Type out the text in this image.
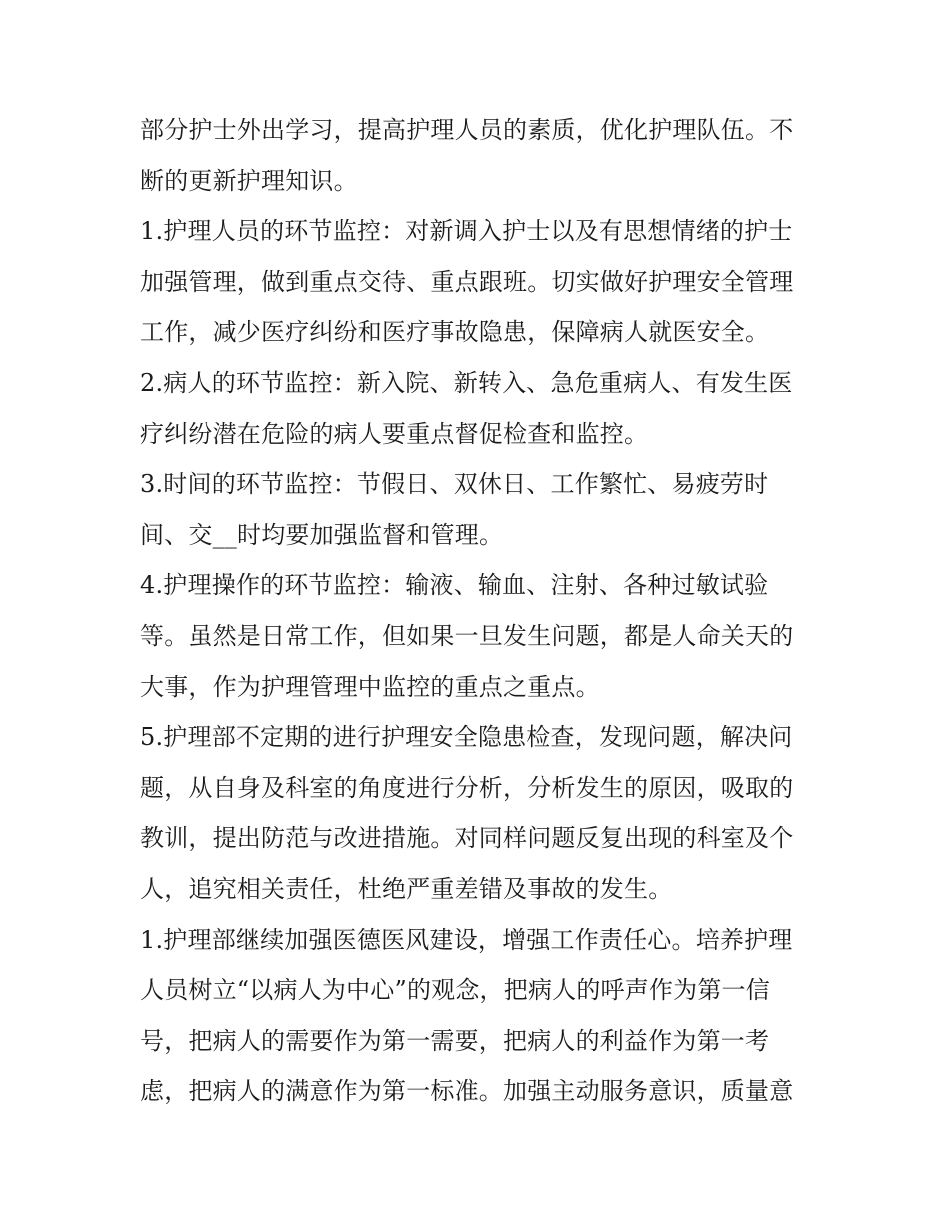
部分护士外出学习，提高护理人员的素质，优化护理队伍。不
断的更新护理知识。
1.护理人员的环节监控：对新调入护士以及有思想情绪的护士
加强管理，做到重点交待、重点跟班。切实做好护理安全管理
工作，减少医疗纠纷和医疗事故隐患，保障病人就医安全。
2.病人的环节监控：新入院、新转入、急危重病人、有发生医
疗纠纷潜在危险的病人要重点督促检查和监控。
3.时间的环节监控：节假日、双休日、工作繁忙、易疲劳时
间、交__时均要加强监督和管理。
4.护理操作的环节监控：输液、输血、注射、各种过敏试验
等。虽然是日常工作，但如果一旦发生问题，都是人命关天的
大事，作为护理管理中监控的重点之重点。
5.护理部不定期的进行护理安全隐患检查，发现问题，解决问
题，从自身及科室的角度进行分析，分析发生的原因，吸取的
教训，提出防范与改进措施。对同样问题反复出现的科室及个
人，追究相关责任，杜绝严重差错及事故的发生。
1.护理部继续加强医德医风建设，增强工作责任心。培养护理
人员树立“以病人为中心”的观念，把病人的呼声作为第一信
号，把病人的需要作为第一需要，把病人的利益作为第一考
虑，把病人的满意作为第一标准。加强主动服务意识，质量意
